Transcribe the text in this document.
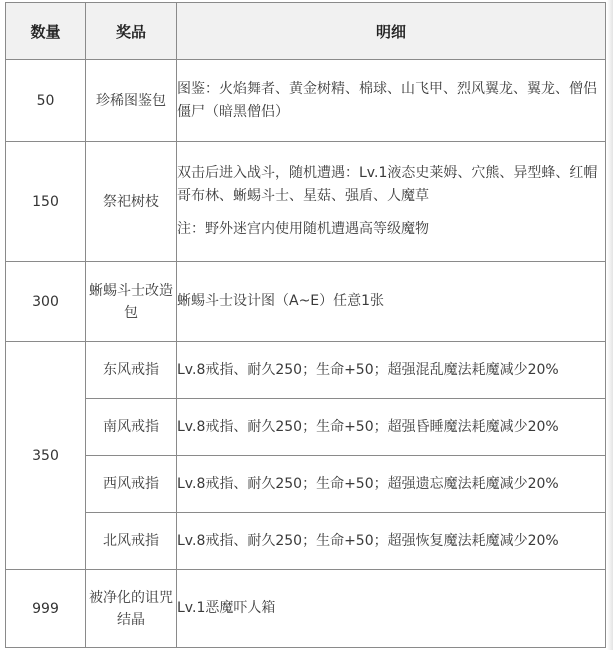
数量	奖品	明细
50	珍稀图鉴包	图鉴：火焰舞者、黄金树精、棉球、山飞甲、烈风翼龙、翼龙、僧侣僵尸（暗黑僧侣）

150	祭祀树枝	双击后进入战斗，随机遭遇：Lv.1液态史莱姆、穴熊、异型蜂、红帽哥布林、蜥蜴斗士、星菇、强盾、人魔草

注：野外迷宫内使用随机遭遇高等级魔物

300	蜥蜴斗士改造包	蜥蜴斗士设计图（A~E）任意1张

350	东风戒指	Lv.8戒指、耐久250；生命+50；超强混乱魔法耗魔减少20%
	南风戒指	Lv.8戒指、耐久250；生命+50；超强昏睡魔法耗魔减少20%
	西风戒指	Lv.8戒指、耐久250；生命+50；超强遗忘魔法耗魔减少20%
	北风戒指	Lv.8戒指、耐久250；生命+50；超强恢复魔法耗魔减少20%
999	被净化的诅咒结晶	Lv.1恶魔吓人箱
